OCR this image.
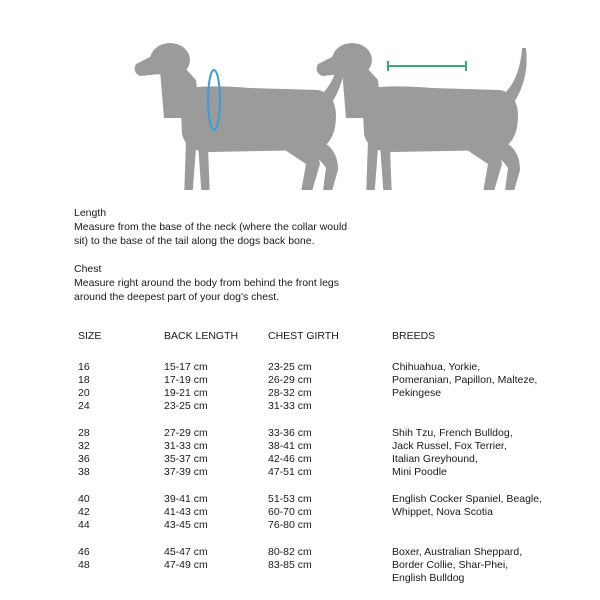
Length
Measure from the base of the neck (where the collar would sit) to the base of the tail along the dogs back bone.
Chest
Measure right around the body from behind the front legs around the deepest part of your dog's chest.
SIZE	BACK LENGTH	CHEST GIRTH	BREEDS
16	15-17 cm	23-25 cm	Chihuahua, Yorkie,
18	17-19 cm	26-29 cm	Pomeranian, Papillon, Malteze,
20	19-21 cm	28-32 cm	Pekingese
24	23-25 cm	31-33 cm
28	27-29 cm	33-36 cm	Shih Tzu, French Bulldog,
32	31-33 cm	38-41 cm	Jack Russel, Fox Terrier,
36	35-37 cm	42-46 cm	Italian Greyhound,
38	37-39 cm	47-51 cm	Mini Poodle
40	39-41 cm	51-53 cm	English Cocker Spaniel, Beagle,
42	41-43 cm	60-70 cm	Whippet, Nova Scotia
44	43-45 cm	76-80 cm
46	45-47 cm	80-82 cm	Boxer, Australian Sheppard,
48	47-49 cm	83-85 cm	Border Collie, Shar-Phei,
English Bulldog
